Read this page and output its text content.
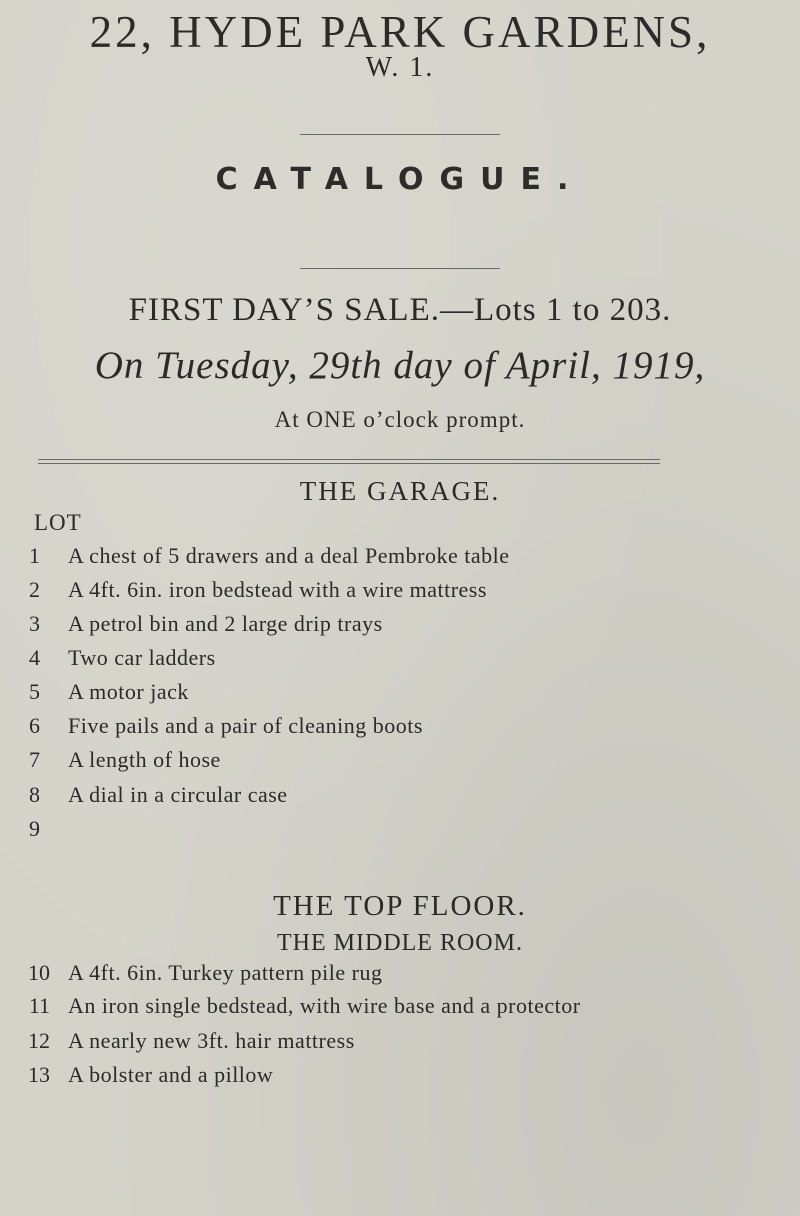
22, HYDE PARK GARDENS,
W. 1.
CATALOGUE.
FIRST DAY’S SALE.—Lots 1 to 203.
On Tuesday, 29th day of April, 1919,
At ONE o’clock prompt.
THE GARAGE.
LOT
1 A chest of 5 drawers and a deal Pembroke table
2 A 4ft. 6in. iron bedstead with a wire mattress
3 A petrol bin and 2 large drip trays
4 Two car ladders
5 A motor jack
6 Five pails and a pair of cleaning boots
7 A length of hose
8 A dial in a circular case
9
THE TOP FLOOR.
THE MIDDLE ROOM.
10 A 4ft. 6in. Turkey pattern pile rug
11 An iron single bedstead, with wire base and a protector
12 A nearly new 3ft. hair mattress
13 A bolster and a pillow
